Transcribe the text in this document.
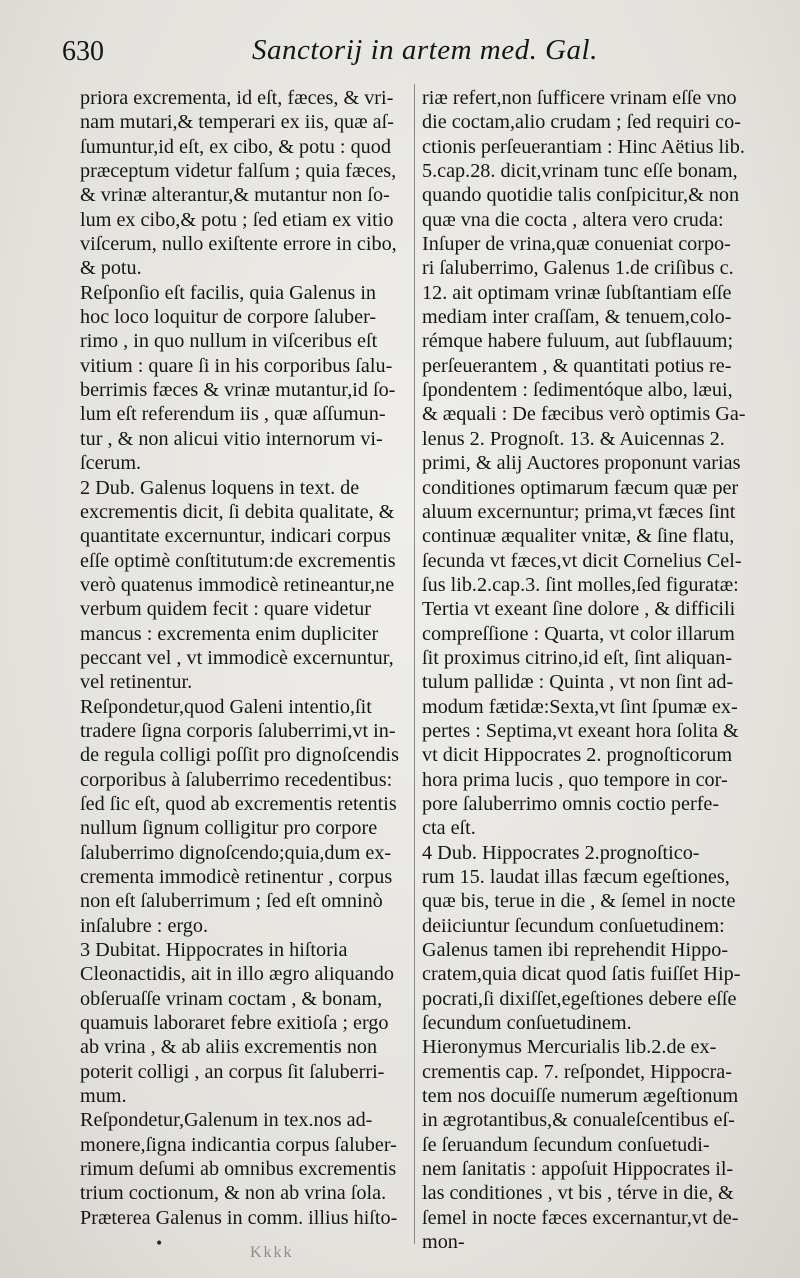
630	Sanctorij in artem med. Gal.
priora excrementa, id eſt, fæces, & vri-
nam mutari,& temperari ex iis, quæ aſ-
ſumuntur,id eſt, ex cibo, & potu : quod
præceptum videtur falſum ; quia fæces,
& vrinæ alterantur,& mutantur non ſo-
lum ex cibo,& potu ; ſed etiam ex vitio
viſcerum, nullo exiſtente errore in cibo,
& potu.
Reſponſio eſt facilis, quia Galenus in
hoc loco loquitur de corpore ſaluber-
rimo , in quo nullum in viſceribus eſt
vitium : quare ſi in his corporibus ſalu-
berrimis fæces & vrinæ mutantur,id ſo-
lum eſt referendum iis , quæ aſſumun-
tur , & non alicui vitio internorum vi-
ſcerum.
2 Dub. Galenus loquens in text. de
excrementis dicit, ſi debita qualitate, &
quantitate excernuntur, indicari corpus
eſſe optimè conſtitutum:de excrementis
verò quatenus immodicè retineantur,ne
verbum quidem fecit : quare videtur
mancus : excrementa enim dupliciter
peccant vel , vt immodicè excernuntur,
vel retinentur.
Reſpondetur,quod Galeni intentio,ſit
tradere ſigna corporis ſaluberrimi,vt in-
de regula colligi poſſit pro dignoſcendis
corporibus à ſaluberrimo recedentibus:
ſed ſic eſt, quod ab excrementis retentis
nullum ſignum colligitur pro corpore
ſaluberrimo dignoſcendo;quia,dum ex-
crementa immodicè retinentur , corpus
non eſt ſaluberrimum ; ſed eſt omninò
inſalubre : ergo.
3 Dubitat. Hippocrates in hiſtoria
Cleonactidis, ait in illo ægro aliquando
obſeruaſſe vrinam coctam , & bonam,
quamuis laboraret febre exitioſa ; ergo
ab vrina , & ab aliis excrementis non
poterit colligi , an corpus ſit ſaluberri-
mum.
Reſpondetur,Galenum in tex.nos ad-
monere,ſigna indicantia corpus ſaluber-
rimum deſumi ab omnibus excrementis
trium coctionum, & non ab vrina ſola.
Præterea Galenus in comm. illius hiſto-
riæ refert,non ſufficere vrinam eſſe vno
die coctam,alio crudam ; ſed requiri co-
ctionis perſeuerantiam : Hinc Aëtius lib.
5.cap.28. dicit,vrinam tunc eſſe bonam,
quando quotidie talis conſpicitur,& non
quæ vna die cocta , altera vero cruda:
Inſuper de vrina,quæ conueniat corpo-
ri ſaluberrimo, Galenus 1.de criſibus c.
12. ait optimam vrinæ ſubſtantiam eſſe
mediam inter craſſam, & tenuem,colo-
rémque habere fuluum, aut ſubflauum;
perſeuerantem , & quantitati potius re-
ſpondentem : ſedimentóque albo, læui,
& æquali : De fæcibus verò optimis Ga-
lenus 2. Prognoſt. 13. & Auicennas 2.
primi, & alij Auctores proponunt varias
conditiones optimarum fæcum quæ per
aluum excernuntur; prima,vt fæces ſint
continuæ æqualiter vnitæ, & ſine flatu,
ſecunda vt fæces,vt dicit Cornelius Cel-
ſus lib.2.cap.3. ſint molles,ſed figuratæ:
Tertia vt exeant ſine dolore , & difficili
compreſſione : Quarta, vt color illarum
ſit proximus citrino,id eſt, ſint aliquan-
tulum pallidæ : Quinta , vt non ſint ad-
modum fætidæ:Sexta,vt ſint ſpumæ ex-
pertes : Septima,vt exeant hora ſolita &
vt dicit Hippocrates 2. prognoſticorum
hora prima lucis , quo tempore in cor-
pore ſaluberrimo omnis coctio perfe-
cta eſt.
4 Dub. Hippocrates 2.prognoſtico-
rum 15. laudat illas fæcum egeſtiones,
quæ bis, terue in die , & ſemel in nocte
deiiciuntur ſecundum conſuetudinem:
Galenus tamen ibi reprehendit Hippo-
cratem,quia dicat quod ſatis fuiſſet Hip-
pocrati,ſi dixiſſet,egeſtiones debere eſſe
ſecundum conſuetudinem.
Hieronymus Mercurialis lib.2.de ex-
crementis cap. 7. reſpondet, Hippocra-
tem nos docuiſſe numerum ægeſtionum
in ægrotantibus,& conualeſcentibus eſ-
ſe ſeruandum ſecundum conſuetudi-
nem ſanitatis : appoſuit Hippocrates il-
las conditiones , vt bis , térve in die, &
ſemel in nocte fæces excernantur,vt de-
mon-
•	Kkkk
